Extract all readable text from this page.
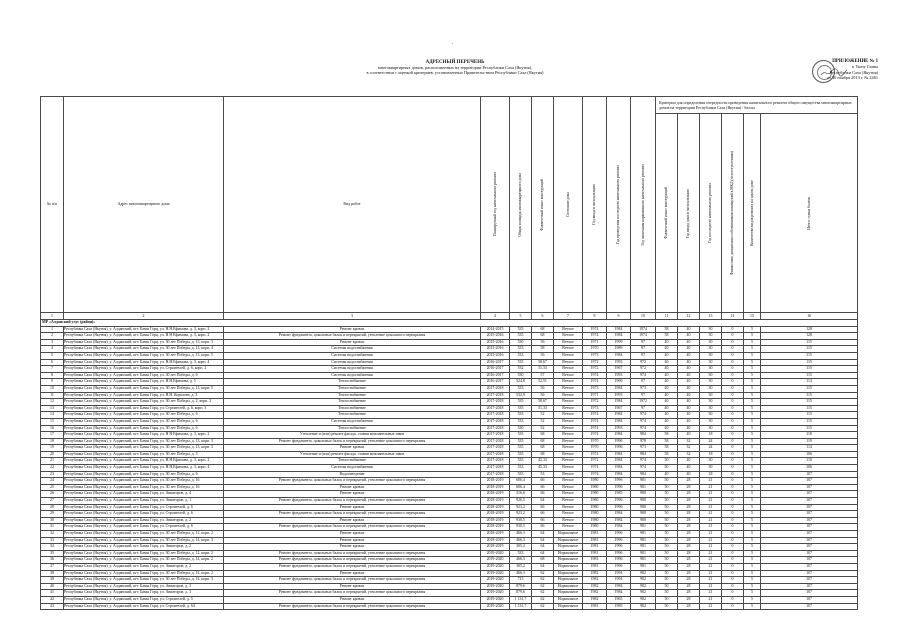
.
ПРИЛОЖЕНИЕ № 1
к Указу Главы
Республики Саха (Якутия)
от 30 ноября 2013 г. № 2461
АДРЕСНЫЙ ПЕРЕЧЕНЬ
многоквартирных домов, расположенных на территории Республики Саха (Якутия),
в соответствии с оценкой критериев, установленных Правительством Республики Саха (Якутия)
№ п/п	Адрес многоквартирного дома	Вид работ	Планируемый год капитального ремонта	Общая площадь многоквартирного дома	Фактический износ конструкций	Состояние дома	Год ввода в эксплуатацию	Год проведения последнего капитального ремонта	Год окончания нормативного капитального ремонта	Критерии для определения очередности проведения капитального ремонта общего имущества многоквартирных домов на территории Республики Саха (Якутия) / баллы					

										Фактический износ конструкций	Год ввода дома в эксплуатацию	Год последнего капитального ремонта	Финансовая дисциплина собственников помещений в МКД (по поступлениям)	Количество видов ремонта на одном доме	Итого: сумма баллов

1	2	3	4	5	6	7	8	9	10	11	12	13	14	15	16
МР «Алданский улус (район)»															
1	Республика Саха (Якутия), у. Алданский, кгт. Бамы Горц, ул. Н.Н.Ефимова, д. 3, корп. 2	Ремонт кровли	2014-2015	535	68	Ветхое	1974	1984	1974	58	40	30	0	5	128
2	Республика Саха (Якутия), у. Алданский, кгт. Бамы Горц, ул. Н Н Ефимова, д. 3, корп. 2	Ремонт фундамента, цокольных балок и перекрытий, утепление цокольного перекрытия	2015-2016	535	68	Ветхое	1974	1984	1974	58	40	30	0	5	128
3	Республика Саха (Якутия), у. Алданский, кгт. Бамы Горц, ул. 30 лет Победы, д. 13, корп. 3	Ремонт кровли	2015-2016	530	56	Ветхое	1971	1999	97	40	40	30	0	5	115
4	Республика Саха (Якутия), у. Алданский, кгт. Бамы Горц, ул. 30 лет Победы, д. 13, корп. 4	Системы водоснабжения	2015-2016	533	58	Ветхое	1970	1989	97	40	40	30	0	5	115
5	Республика Саха (Якутия), у. Алданский, кгт. Бамы Горц, ул. 30 лет Победы, д. 13, корп. 5	Системы водоснабжения	2015-2016	533	56	Ветхое	1973	1984	97	40	40	30	0	5	115
6	Республика Саха (Якутия), у. Алданский, кгт. Бамы Горц, ул. Н.Н.Ефимова, д. 3, корп. 4	Системы водоснабжения	2016-2017	535	58,67	Ветхое	1972	1993	972	40	40	30	0	5	115
7	Республика Саха (Якутия), у. Алданский, кгт. Бамы Горц, ул. Строителей, д. 6, корп. 2	Системы водоснабжения	2016-2017	532	51,33	Ветхое	1972	1967	972	40	40	30	0	5	115
8	Республика Саха (Якутия), у. Алданский, кгт. Бамы Горц, ул. 30 лет Победы, д. 6	Системы водоснабжения	2016-2017	530	57	Ветхое	1974	1993	974	40	40	30	0	5	115
9	Республика Саха (Якутия), у. Алданский, кгт. Бамы Горц, ул. Н.Н.Ефимова, д. 5	Теплоснабжение	2016-2017	524,8	52,51	Ветхое	1974	1969	97	40	40	30	0	5	114
10	Республика Саха (Якутия), у. Алданский, кгт. Бамы Горц, ул. 30 лет Победы, д. 13, корп. 5	Теплоснабжение	2017-2018	533	56	Ветхое	1973	1984	973	40	40	30	0	5	115
11	Республика Саха (Якутия), у. Алданский, кгт. Бамы Горц, ул. Н.Н. Королева, д. 3	Теплоснабжение	2017-2018	532,9	56	Ветхое	1971	1993	97	40	40	30	0	5	115
12	Республика Саха (Якутия), у. Алданский, кгт. Бамы Горц, ул. 30 лет Победы, д. 2, корп. 2	Теплоснабжение	2017-2018	535	58,67	Ветхое	1972	1984	1972	40	40	30	0	5	115
13	Республика Саха (Якутия), у. Алданский, кгт. Бамы Горц, ул. Строителей, д. 6, корп. 3	Теплоснабжение	2017-2018	535	51,33	Ветхое	1973	1967	97	40	40	30	0	5	115
14	Республика Саха (Якутия), у. Алданский, кгт. Бамы Горц, ул. 30 лет Победы, д. 6	Теплоснабжение	2017-2018	533	52	Ветхое	1974	1984	974	40	40	30	0	5	115
15	Республика Саха (Якутия), у. Алданский, кгт. Бамы Горц, ул. 30 лет Победы, д. 6	Системы водоснабжения	2017-2018	533	52	Ветхое	1974	1984	974	40	40	30	0	5	115
16	Республика Саха (Якутия), у. Алданский, кгт. Бамы Горц, ул. 30 лет Победы, д. 6	Теплоснабжение	2017-2018	530	52	Ветхое	1974	1993	974	40	40	30	0	5	115
17	Республика Саха (Якутия), у. Алданский, кгт. Бамы Горц, ул. Н Н Ефимова, д. 3, корп. 2	Утепление и (или) ремонт фасада, ставни межпанельных швов	2017-2018	535	68	Ветхое	1974	1984	984	58	40	18	0	5	118
18	Республика Саха (Якутия), у. Алданский, кгт. Бамы Горц, ул. 30 лет Победы, д. 13, корп. 3	Ремонт фундамента, цокольных балок и перекрытий, утепление цокольного перекрытия	2017-2018	535	68	Ветхое	1970	1996	978	58	32	24	0	5	119
19	Республика Саха (Якутия), у. Алданский, кгт. Бамы Горц, ул. 30 лет Победы, д. 13, корп. 3	Ремонт кровли	2017-2018	535	68	Ветхое	1970	1996	973	58	32	24	0	5	114
20	Республика Саха (Якутия), у. Алданский, кгт. Бамы Горц, ул. 30 лет Победы, д. 3	Утепление и (или) ремонт фасада, ставни межпанельных швов	2017-2018	535	68	Ветхое	1974	1984	984	58	32	18	0	5	106
21	Республика Саха (Якутия), у. Алданский, кгт. Бамы Горц, ул. Н.Н.Ефимова, д. 3, корп. 2	Теплоснабжение	2017-2018	535	45,33	Ветхое	1972	1984	974	50	40	30	0	5	110
22	Республика Саха (Якутия), у. Алданский, кгт. Бамы Горц, ул. Н.Н.Ефимова, д. 3, корп. 4	Системы водоснабжения	2017-2018	533	45,33	Ветхое	1974	1984	974	50	40	30	0	5	106
23	Республика Саха (Якутия), у. Алданский, кгт. Бамы Горц, ул. 30 лет Победы, д. 6	Водоотведение	2017-2018	533	53	Ветхое	1974	1984	984	40	40	18	0	5	107
24	Республика Саха (Якутия), у. Алданский, кгт. Бамы Горц, ул. 30 лет Победы, д. 16	Ремонт фундамента, цокольных балок и перекрытий, утепление цокольного перекрытия	2018-2019	606,4	66	Ветхое	1980	1996	981	50	28	21	0	5	107
25	Республика Саха (Якутия), у. Алданский, кгт. Бамы Горц, ул. 30 лет Победы, д. 16	Ремонт кровли	2018-2019	606,4	66	Ветхое	1980	1996	981	50	28	21	0	5	107
26	Республика Саха (Якутия), у. Алданский, кгт. Бамы Горц, ул. Авиаторов, д. 4	Ремонт кровли	2018-2019	316,6	66	Ветхое	1980	1985	980	50	28	21	0	5	107
27	Республика Саха (Якутия), у. Алданский, кгт. Бамы Горц, ул. Авиаторов, д. 1	Ремонт фундамента, цокольных балок и перекрытий, утепление цокольного перекрытия	2018-2019	926,5	64	Ветхое	1980	1996	980	50	28	21	0	5	107
28	Республика Саха (Якутия), у. Алданский, кгт. Бамы Горц, ул. Строителей, д. 6	Ремонт кровли	2018-2019	923,2	66	Ветхое	1980	1996	980	50	28	21	0	5	107
29	Республика Саха (Якутия), у. Алданский, кгт. Бамы Горц, ул. Строителей, д. 6	Ремонт фундамента, цокольных балок и перекрытий, утепление цокольного перекрытия	2018-2019	923,2	66	Ветхое	1980	1984	980	50	28	21	0	5	107
30	Республика Саха (Якутия), у. Алданский, кгт. Бамы Горц, ул. Авиаторов, д. 2	Ремонт кровли	2018-2019	930,5	66	Ветхое	1980	1984	980	50	28	21	0	5	107
31	Республика Саха (Якутия), у. Алданский, кгт. Бамы Горц, ул. Строителей, д. 6	Ремонт фундамента, цокольных балок и перекрытий, утепление цокольного перекрытия	2018-2019	930,5	66	Ветхое	1980	1984	981	50	28	21	0	5	107
32	Республика Саха (Якутия), у. Алданский, кгт. Бамы Горц, ул. 30 лет Победы, д. 12, корп. 2	Ремонт кровли	2018-2019	466,3	64	Нормальное	1981	1996	981	50	28	21	0	5	107
33	Республика Саха (Якутия), у. Алданский, кгт. Бамы Горц, ул. 30 лет Победы, д. 14, корп. 3	Ремонт кровли	2018-2019	466,3	64	Нормальное	1981	1996	981	50	28	21	0	5	107
34	Республика Саха (Якутия), у. Алданский, кгт. Бамы Горц, ул. Авиаторов, д. 2	Ремонт кровли	2018-2019	305,2	64	Нормальное	1981	1996	981	50	28	21	0	5	107
35	Республика Саха (Якутия), у. Алданский, кгт. Бамы Горц, ул. 30 лет Победы, д. 12, корп. 2	Ремонт фундамента, цокольных балок и перекрытий, утепление цокольного перекрытия	2019-2020	533	64	Нормальное	1981	1996	981	50	28	21	0	5	107
36	Республика Саха (Якутия), у. Алданский, кгт. Бамы Горц, ул. 30 лет Победы, д. 14, корп. 2	Ремонт фундамента, цокольных балок и перекрытий, утепление цокольного перекрытия	2019-2020	466,3	68	Нормальное	1981	1996	981	50	28	21	0	5	107
37	Республика Саха (Якутия), у. Алданский, кгт. Бамы Горц, ул. Авиаторов, д. 2	Ремонт фундамента, цокольных балок и перекрытий, утепление цокольного перекрытия	2019-2020	305,2	64	Нормальное	1981	1996	981	50	28	21	0	5	107
38	Республика Саха (Якутия), у. Алданский, кгт. Бамы Горц, ул. 30 лет Победы, д. 14, корп. 2	Ремонт кровли	2019-2020	466,3	62	Нормальное	1982	1994	982	50	28	21	0	5	107
39	Республика Саха (Якутия), у. Алданский, кгт. Бамы Горц, ул. 30 лет Победы, д. 14, корп. 3	Ремонт фундамента, цокольных балок и перекрытий, утепление цокольного перекрытия	2019-2020	715	62	Нормальное	1982	1994	982	50	28	21	0	5	107
40	Республика Саха (Якутия), у. Алданский, кгт. Бамы Горц, ул. Авиаторов, д. 3	Ремонт кровли	2019-2020	879,6	62	Нормальное	1982	1984	982	50	28	21	0	5	107
41	Республика Саха (Якутия), у. Алданский, кгт. Бамы Горц, ул. Авиаторов, д. 3	Ремонт фундамента, цокольных балок и перекрытий, утепление цокольного перекрытия	2019-2020	879,6	62	Нормальное	1982	1984	982	50	28	21	0	5	107
42	Республика Саха (Якутия), у. Алданский, кгт. Бамы Горц, ул. Строителей, д. 5	Ремонт кровли	2019-2020	1 131,7	62	Нормальное	1982	1965	982	50	28	21	0	5	107
43	Республика Саха (Якутия), у. Алданский, кгт. Бамы Горц, ул. Строителей, д. 64	Ремонт фундамента, цокольных балок и перекрытий, утепление цокольного перекрытия	2019-2020	1 131,7	62	Нормальное	1981	1985	982	50	28	21	0	5	107
